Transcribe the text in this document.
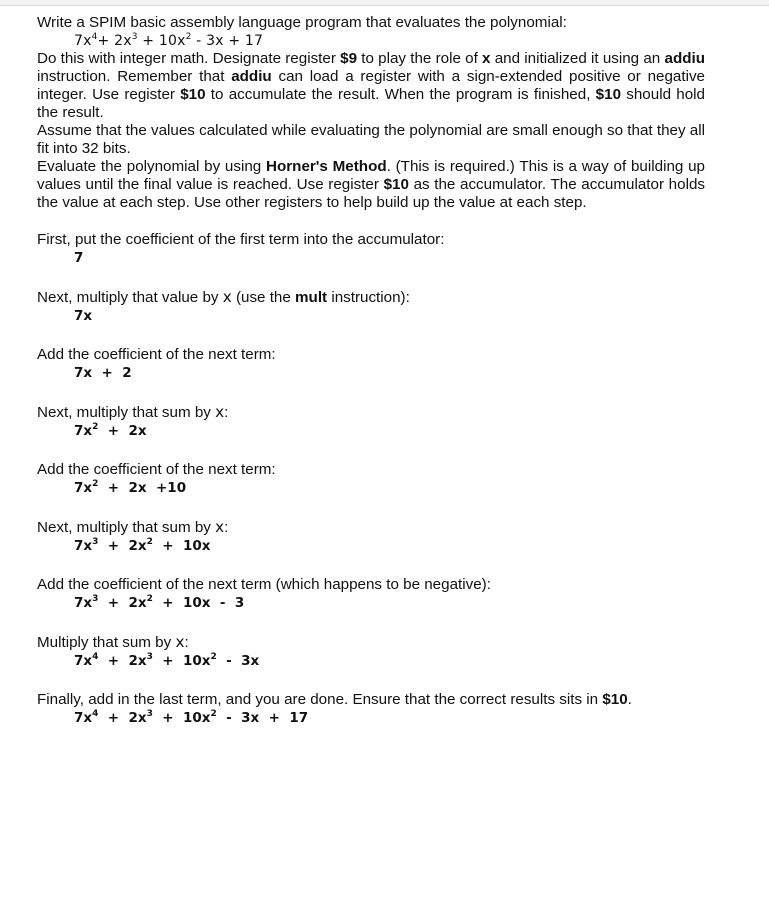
Write a SPIM basic assembly language program that evaluates the polynomial:

$7x^4+ 2x^3 + 10x^2 - 3x + 17$

Do this with integer math. Designate register $9 to play the role of x and initialized it using an addiu instruction. Remember that addiu can load a register with a sign-extended positive or negative integer. Use register $10 to accumulate the result. When the program is finished, $10 should hold the result.

Assume that the values calculated while evaluating the polynomial are small enough so that they all fit into 32 bits.

Evaluate the polynomial by using Horner's Method. (This is required.) This is a way of building up values until the final value is reached. Use register $10 as the accumulator. The accumulator holds the value at each step. Use other registers to help build up the value at each step.

First, put the coefficient of the first term into the accumulator:

7

Next, multiply that value by x (use the mult instruction):

7x

Add the coefficient of the next term:

7x  +  2

Next, multiply that sum by x:

$7x^2 + 2x$

Add the coefficient of the next term:

$7x^2 + 2x +10$

Next, multiply that sum by x:

$7x^3 + 2x^2 + 10x$

Add the coefficient of the next term (which happens to be negative):

$7x^3 + 2x^2 + 10x - 3$

Multiply that sum by x:

$7x^4 + 2x^3 + 10x^2 - 3x$

Finally, add in the last term, and you are done. Ensure that the correct results sits in $10.

$7x^4 + 2x^3 + 10x^2 - 3x + 17$
